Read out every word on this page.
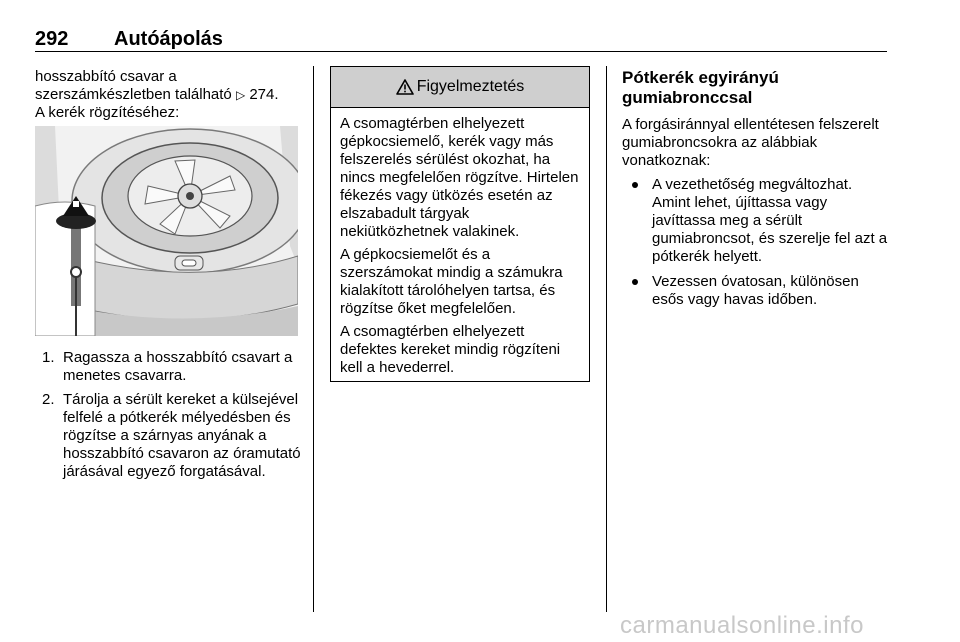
292 Autóápolás
hosszabbító csavar a
szerszámkészletben található ▷ 274.
A kerék rögzítéséhez:
1. Ragassza a hosszabbító csavart a menetes csavarra.
2. Tárolja a sérült kereket a külsejével felfelé a pótkerék mélyedésben és rögzítse a szárnyas anyának a hosszabbító csavaron az óramutató járásával egyező forgatásával.
Figyelmeztetés

A csomagtérben elhelyezett gépkocsiemelő, kerék vagy más felszerelés sérülést okozhat, ha nincs megfelelően rögzítve. Hirtelen fékezés vagy ütközés esetén az elszabadult tárgyak nekiütközhetnek valakinek.

A gépkocsiemelőt és a szerszámokat mindig a számukra kialakított tárolóhelyen tartsa, és rögzítse őket megfelelően.

A csomagtérben elhelyezett defektes kereket mindig rögzíteni kell a hevederrel.

Pótkerék egyirányú gumiabronccsal

A forgásiránnyal ellentétesen felszerelt gumiabroncsokra az alábbiak vonatkoznak:

A vezethetőség megváltozhat. Amint lehet, újíttassa vagy javíttassa meg a sérült gumiabroncsot, és szerelje fel azt a pótkerék helyett.
Vezessen óvatosan, különösen esős vagy havas időben.
carmanualsonline.info
